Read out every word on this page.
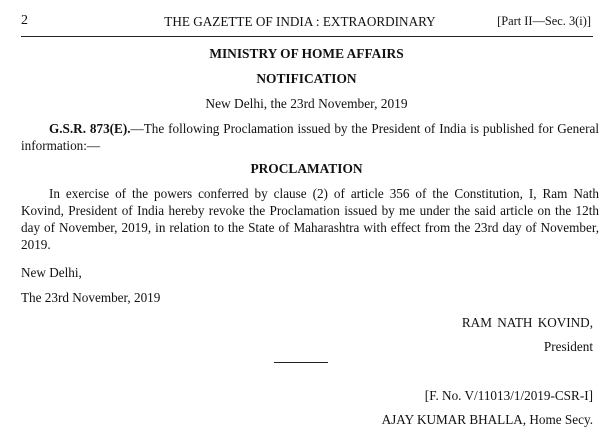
2	THE GAZETTE OF INDIA : EXTRAORDINARY	[Part II—Sec. 3(i)]
MINISTRY OF HOME AFFAIRS
NOTIFICATION
New Delhi, the 23rd November, 2019
G.S.R. 873(E).—The following Proclamation issued by the President of India is published for General information:—
PROCLAMATION
In exercise of the powers conferred by clause (2) of article 356 of the Constitution, I, Ram Nath Kovind, President of India hereby revoke the Proclamation issued by me under the said article on the 12th day of November, 2019, in relation to the State of Maharashtra with effect from the 23rd day of November, 2019.
New Delhi,
The 23rd November, 2019
RAM NATH KOVIND,
President
[F. No. V/11013/1/2019-CSR-I]
AJAY KUMAR BHALLA, Home Secy.
